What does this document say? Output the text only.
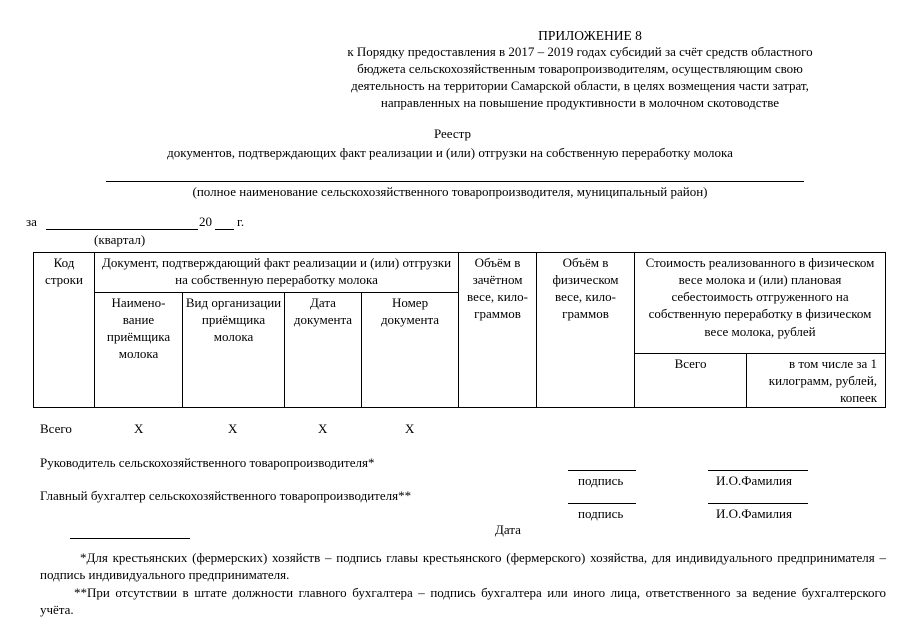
ПРИЛОЖЕНИЕ 8
к Порядку предоставления в 2017 – 2019 годах субсидий за счёт средств областного
бюджета сельскохозяйственным товаропроизводителям, осуществляющим свою
деятельность на территории Самарской области, в целях возмещения части затрат,
направленных на повышение продуктивности в молочном скотоводстве
Реестр
документов, подтверждающих факт реализации и (или) отгрузки на собственную переработку молока
(полное наименование сельскохозяйственного товаропроизводителя, муниципальный район)
за	20 г.
(квартал)
Код строки	Документ, подтверждающий факт реализации и (или) отгрузки на собственную переработку молока				Объём в зачётном весе, кило-граммов	Объём в физическом весе, кило-граммов	Стоимость реализованного в физическом весе молока и (или) плановая себестоимость отгруженного на собственную переработку в физическом весе молока, рублей	
	Наимено-вание приёмщика молока	Вид организации приёмщика молока	Дата документа	Номер документа				
							Всего	в том числе за 1 килограмм, рублей, копеек
Всего	Х	Х	Х	Х
Руководитель сельскохозяйственного товаропроизводителя*
подпись	И.О.Фамилия
Главный бухгалтер сельскохозяйственного товаропроизводителя**
подпись	И.О.Фамилия
Дата
*Для крестьянских (фермерских) хозяйств – подпись главы крестьянского (фермерского) хозяйства, для индивидуального предпринимателя – подпись индивидуального предпринимателя.
**При отсутствии в штате должности главного бухгалтера – подпись бухгалтера или иного лица, ответственного за ведение бухгалтерского учёта.
